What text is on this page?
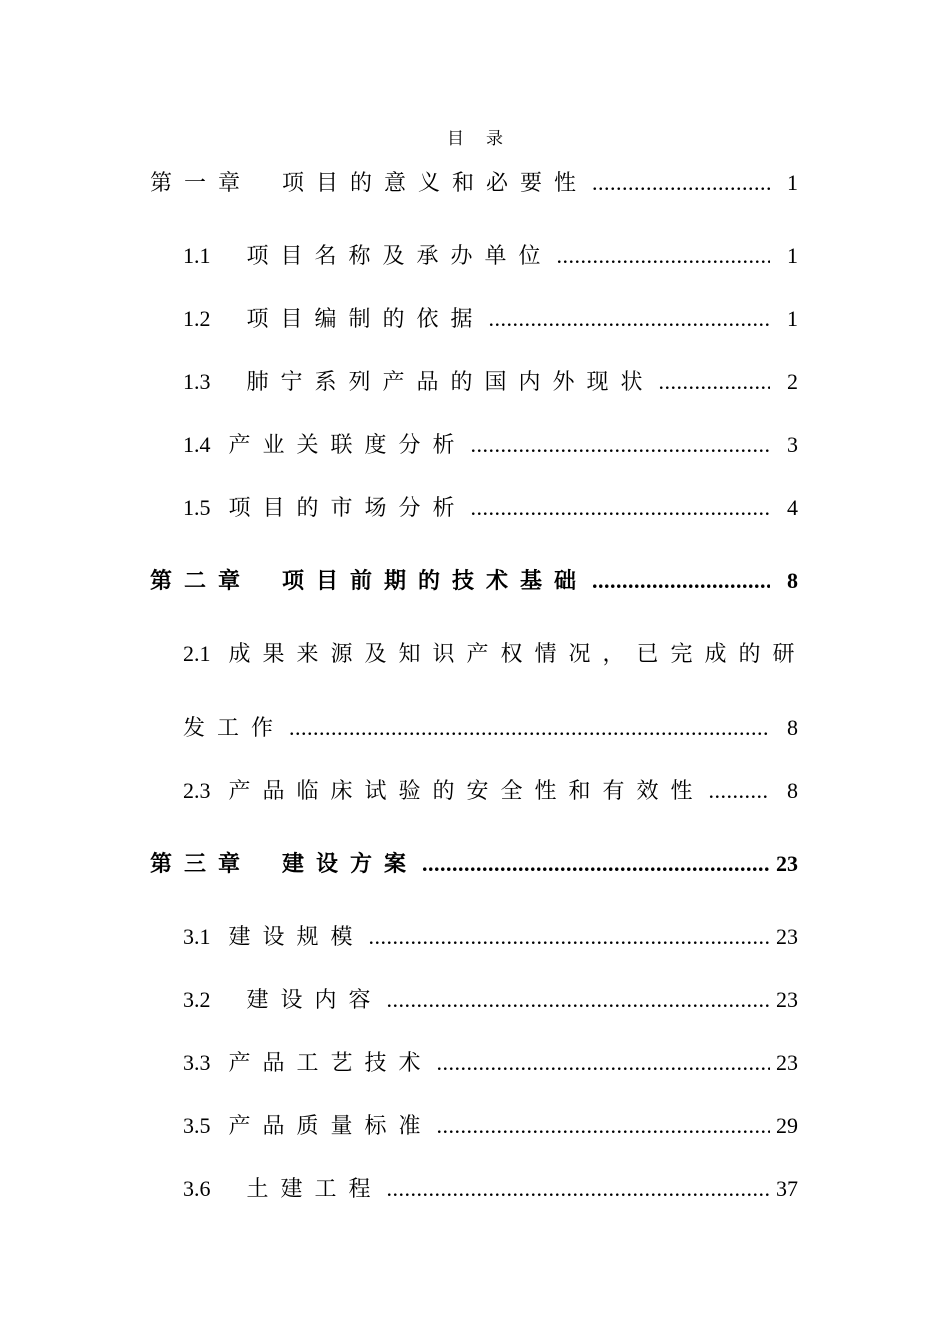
目录
第一章 项目的意义和必要性 .....	1
1.1 项目名称及承办单位 .....	1
1.2 项目编制的依据 .....	1
1.3 肺宁系列产品的国内外现状 .....	2
1.4 产业关联度分析 .....	3
1.5 项目的市场分析 .....	4
第二章 项目前期的技术基础 .....	8
2.1 成果来源及知识产权情况，已完成的研
发工作 .....	8
2.3 产品临床试验的安全性和有效性 .....	8
第三章 建设方案 .....	23
3.1 建设规模 .....	23
3.2 建设内容 .....	23
3.3 产品工艺技术 .....	23
3.5 产品质量标准 .....	29
3.6 土建工程 .....	37
